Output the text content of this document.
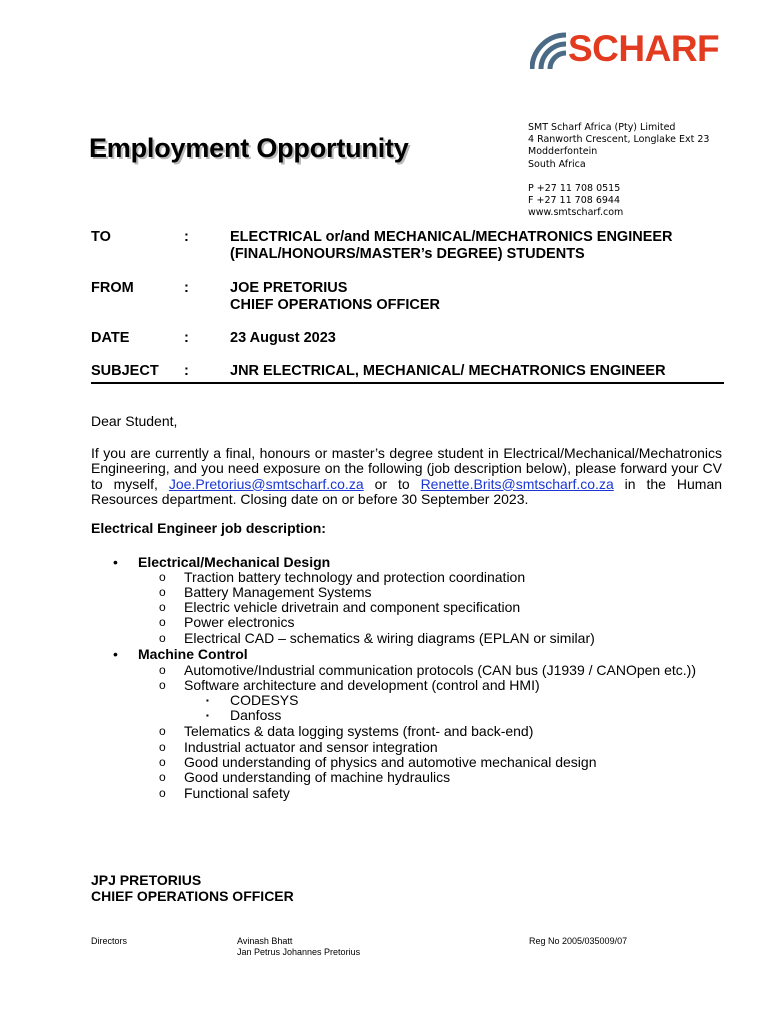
SCHARF
Employment Opportunity
SMT Scharf Africa (Pty) Limited
4 Ranworth Crescent, Longlake Ext 23
Modderfontein
South Africa
P +27 11 708 0515
F +27 11 708 6944
www.smtscharf.com
TO	:	ELECTRICAL or/and MECHANICAL/MECHATRONICS ENGINEER
(FINAL/HONOURS/MASTER’s DEGREE) STUDENTS
FROM	:	JOE PRETORIUS
CHIEF OPERATIONS OFFICER
DATE	:	23 August 2023
SUBJECT :	JNR ELECTRICAL, MECHANICAL/ MECHATRONICS ENGINEER
Dear Student,
If you are currently a final, honours or master’s degree student in Electrical/Mechanical/Mechatronics Engineering, and you need exposure on the following (job description below), please forward your CV to myself, Joe.Pretorius@smtscharf.co.za or to Renette.Brits@smtscharf.co.za in the Human Resources department. Closing date on or before 30 September 2023.
Electrical Engineer job description:
• Electrical/Mechanical Design
o Traction battery technology and protection coordination
o Battery Management Systems
o Electric vehicle drivetrain and component specification
o Power electronics
o Electrical CAD – schematics & wiring diagrams (EPLAN or similar)
• Machine Control
o Automotive/Industrial communication protocols (CAN bus (J1939 / CANOpen etc.))
o Software architecture and development (control and HMI)
▪ CODESYS
▪ Danfoss
o Telematics & data logging systems (front- and back-end)
o Industrial actuator and sensor integration
o Good understanding of physics and automotive mechanical design
o Good understanding of machine hydraulics
o Functional safety
JPJ PRETORIUS
CHIEF OPERATIONS OFFICER
Directors	Avinash Bhatt
Jan Petrus Johannes Pretorius
Reg No 2005/035009/07
